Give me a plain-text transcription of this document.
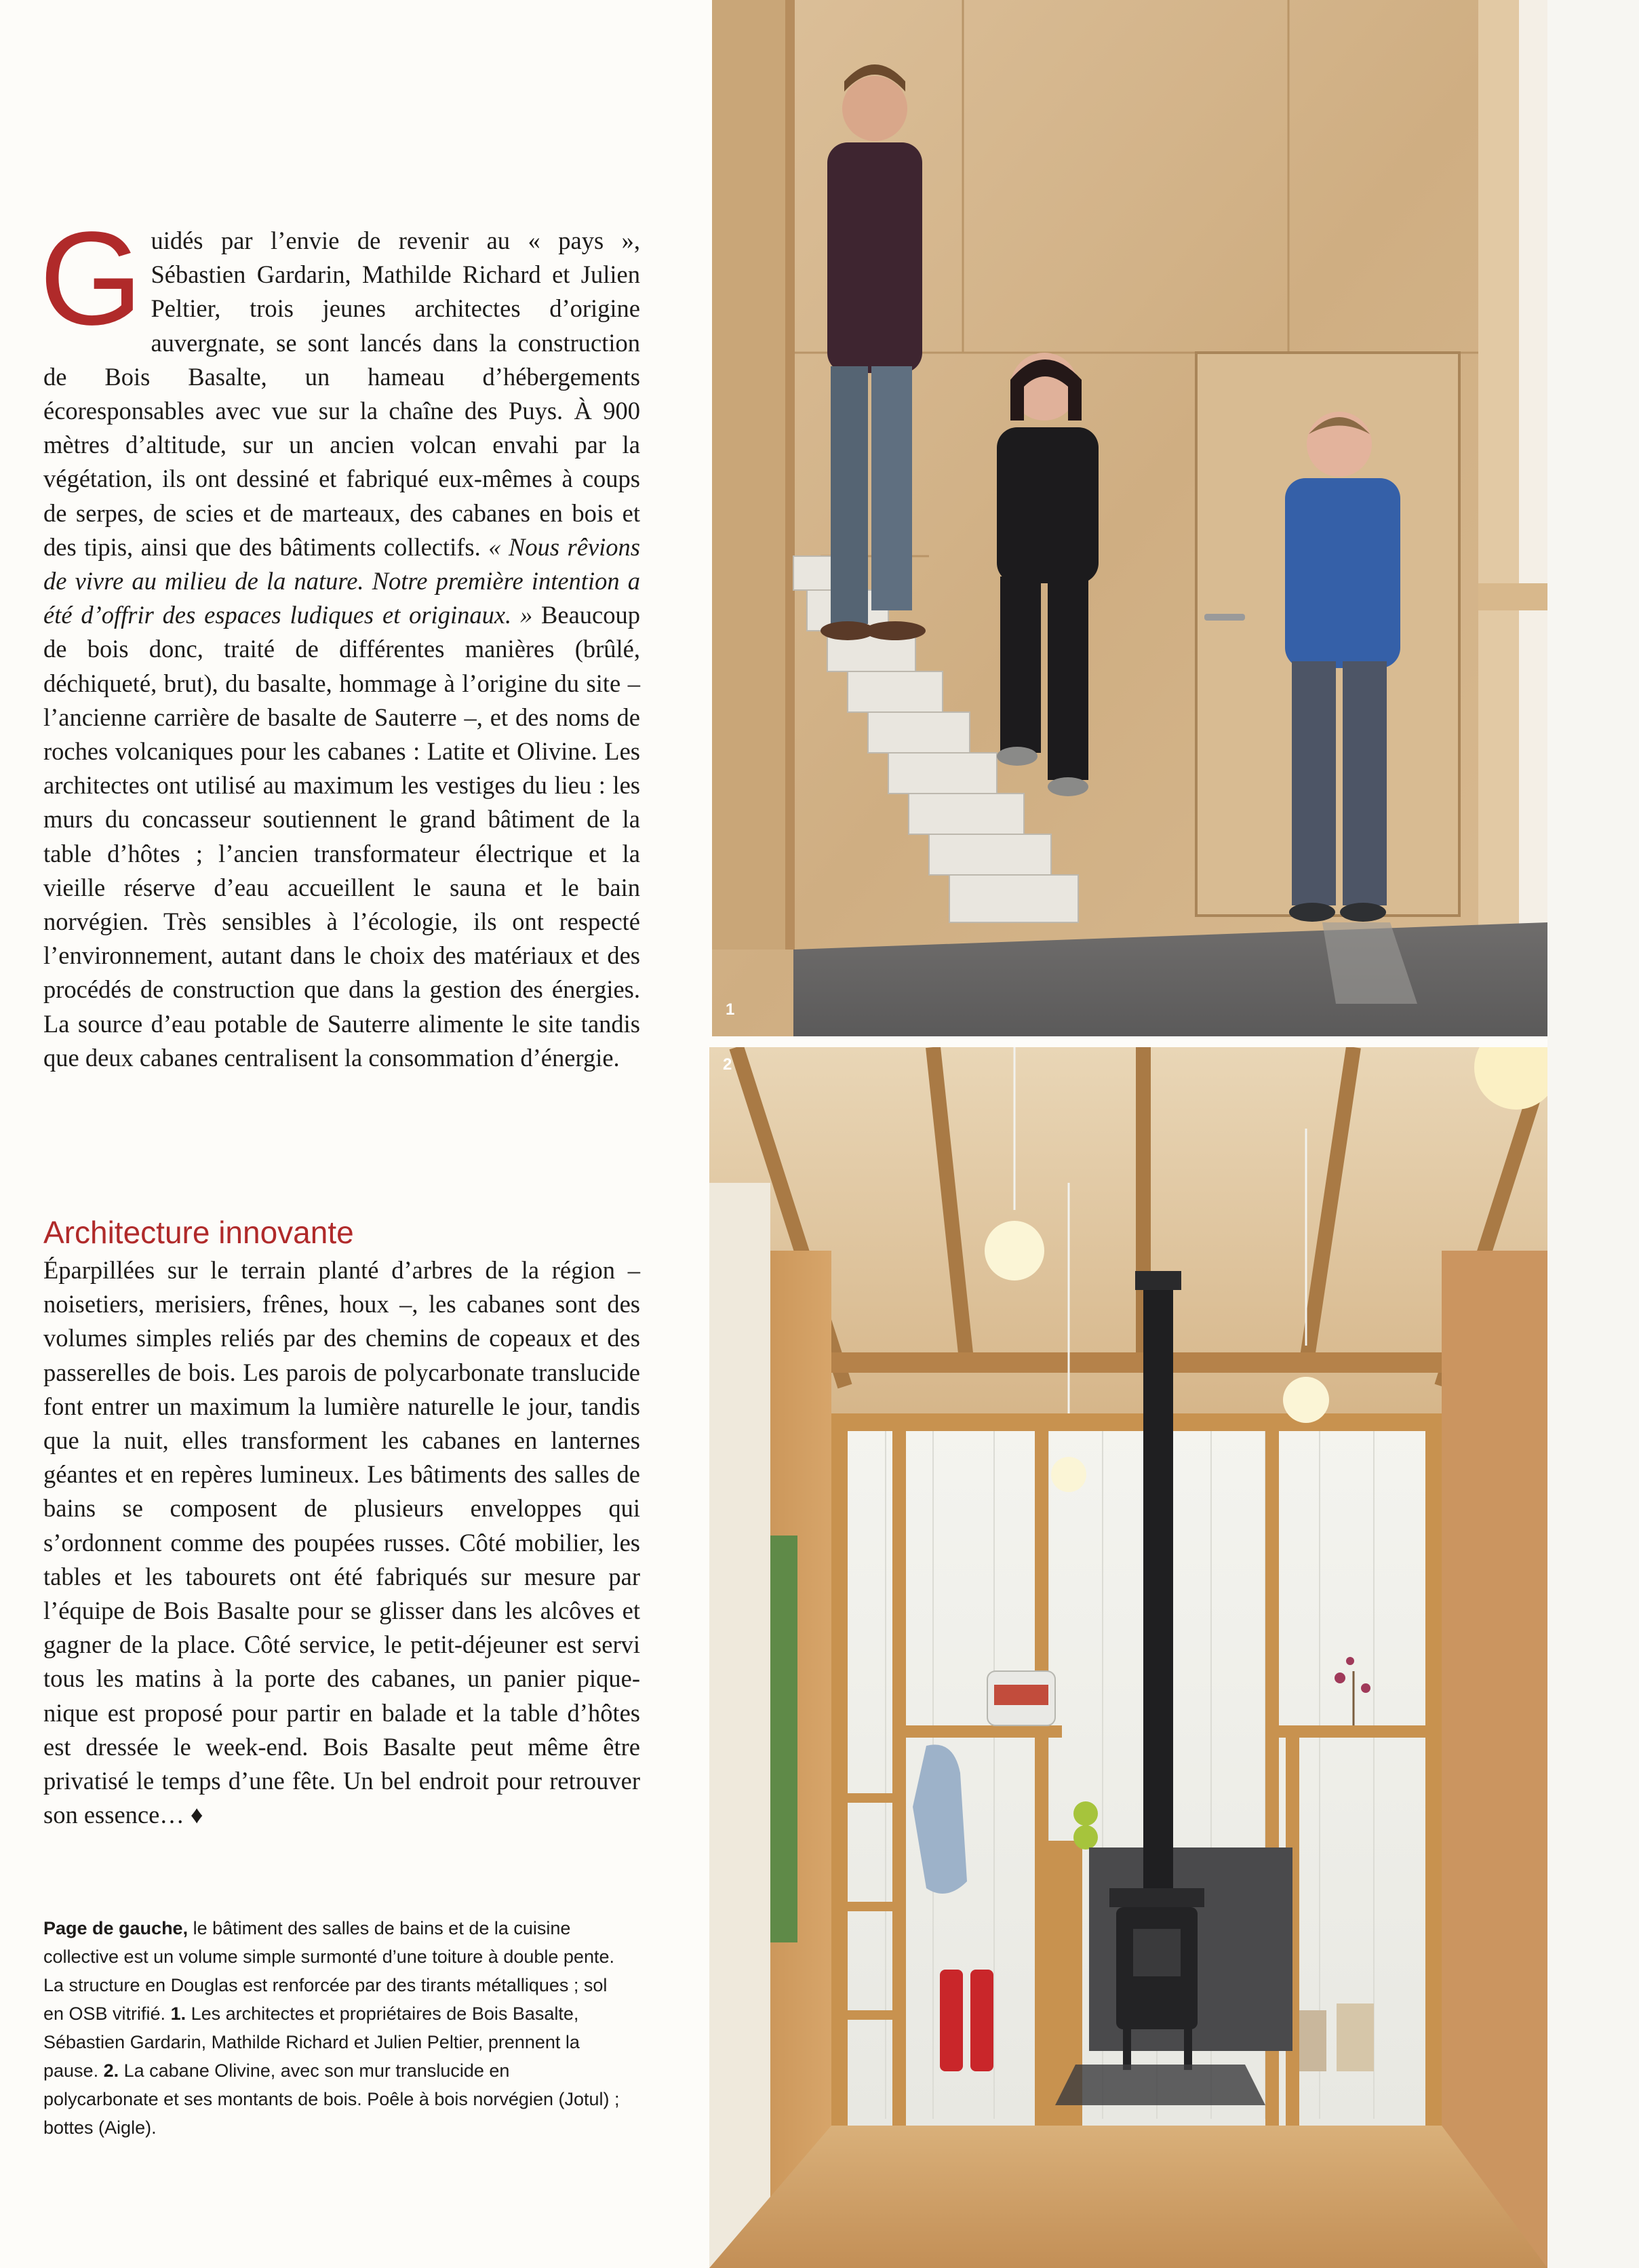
Guidés par l’envie de revenir au « pays », Sébastien Gardarin, Mathilde Richard et Julien Peltier, trois jeunes architectes d’origine auvergnate, se sont lancés dans la construction de Bois Basalte, un hameau d’hébergements écoresponsables avec vue sur la chaîne des Puys. À 900 mètres d’altitude, sur un ancien volcan envahi par la végétation, ils ont dessiné et fabriqué eux-mêmes à coups de serpes, de scies et de marteaux, des cabanes en bois et des tipis, ainsi que des bâtiments collectifs. « Nous rêvions de vivre au milieu de la nature. Notre première intention a été d’offrir des espaces ludiques et originaux. » Beaucoup de bois donc, traité de différentes manières (brûlé, déchiqueté, brut), du basalte, hommage à l’origine du site – l’ancienne carrière de basalte de Sauterre –, et des noms de roches volcaniques pour les cabanes : Latite et Olivine. Les architectes ont utilisé au maximum les vestiges du lieu : les murs du concasseur soutiennent le grand bâtiment de la table d’hôtes ; l’ancien transformateur électrique et la vieille réserve d’eau accueillent le sauna et le bain norvégien. Très sensibles à l’écologie, ils ont respecté l’environnement, autant dans le choix des matériaux et des procédés de construction que dans la gestion des énergies. La source d’eau potable de Sauterre alimente le site tandis que deux cabanes centralisent la consommation d’énergie.
Architecture innovante
Éparpillées sur le terrain planté d’arbres de la région – noisetiers, merisiers, frênes, houx –, les cabanes sont des volumes simples reliés par des chemins de copeaux et des passerelles de bois. Les parois de polycarbonate translucide font entrer un maximum la lumière naturelle le jour, tandis que la nuit, elles transforment les cabanes en lanternes géantes et en repères lumineux. Les bâtiments des salles de bains se composent de plusieurs enveloppes qui s’ordonnent comme des poupées russes. Côté mobilier, les tables et les tabourets ont été fabriqués sur mesure par l’équipe de Bois Basalte pour se glisser dans les alcôves et gagner de la place. Côté service, le petit-déjeuner est servi tous les matins à la porte des cabanes, un panier pique-nique est proposé pour partir en balade et la table d’hôtes est dressée le week-end. Bois Basalte peut même être privatisé le temps d’une fête. Un bel endroit pour retrouver son essence… ♦
Page de gauche, le bâtiment des salles de bains et de la cuisine collective est un volume simple surmonté d’une toiture à double pente. La structure en Douglas est renforcée par des tirants métalliques ; sol en OSB vitrifié. 1. Les architectes et propriétaires de Bois Basalte, Sébastien Gardarin, Mathilde Richard et Julien Peltier, prennent la pause. 2. La cabane Olivine, avec son mur translucide en polycarbonate et ses montants de bois. Poêle à bois norvégien (Jotul) ; bottes (Aigle).
1
2
